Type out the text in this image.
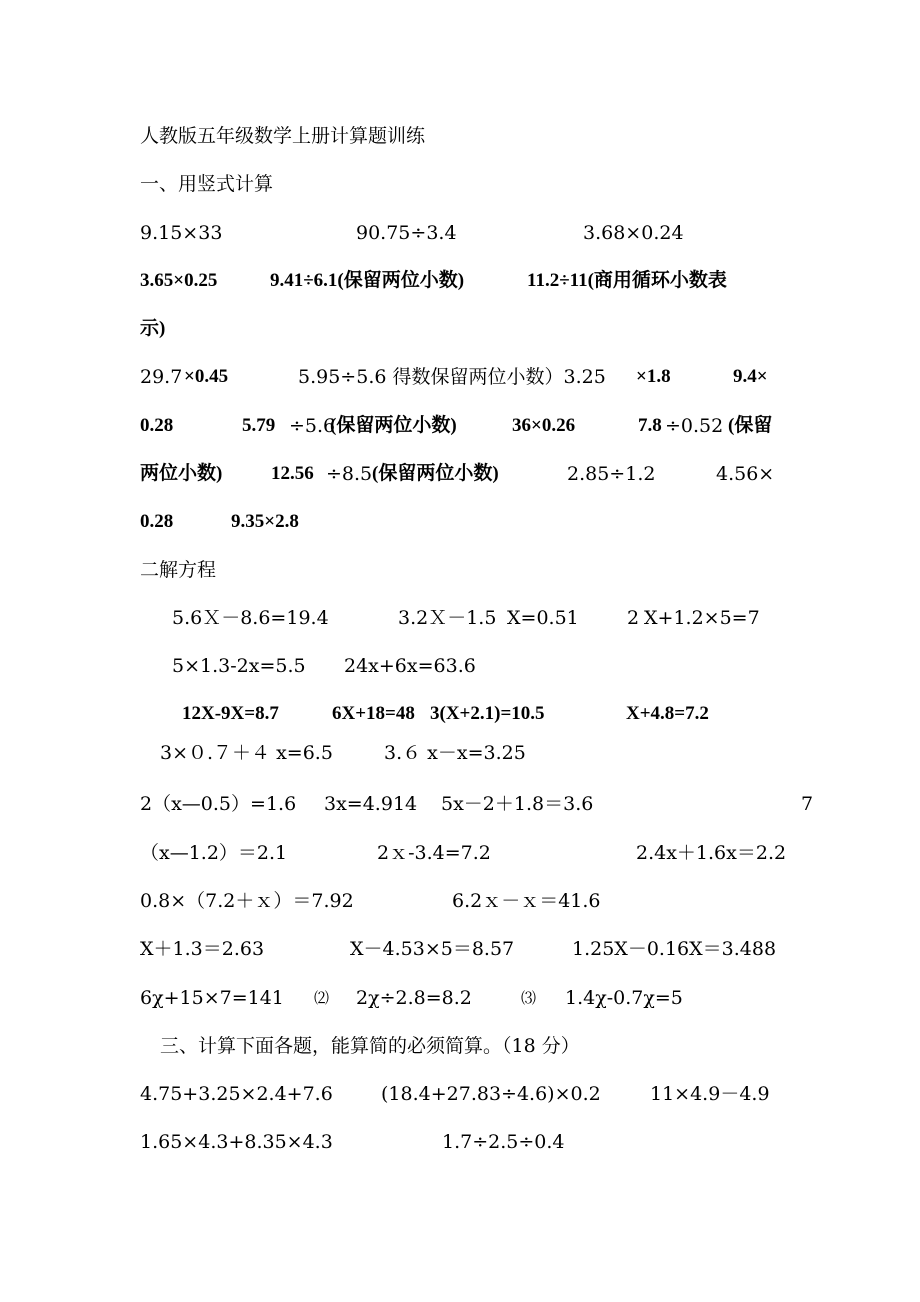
人教版五年级数学上册计算题训练
一、用竖式计算
9.15×33	90.75÷3.4	3.68×0.24
3.65×0.25	9.41÷6.1(保留两位小数)	11.2÷11(商用循环小数表
示)
29.7 ×0.45	5.95÷5.6 得数保留两位小数）3.25 ×1.8	9.4×
0.28	5.79 ÷5.6
(保留两位小数)	36×0.26	7.8 ÷0.52 (保留
两位小数)	12.56 ÷8.5 (保留两位小数)	2.85÷1.2	4.56×
0.28	9.35×2.8
二解方程
5.6Ｘ－8.6=19.4	3.2Ｘ－1.5 X=0.51	2 X+1.2×5=7
5×1.3-2x=5.5 24x+6x=63.6
12X-9X=8.7	6X+18=48 3(X+2.1)=10.5	X+4.8=7.2
3×０.７＋４ x=6.5	3.６ x－x=3.25
2（x—0.5）=1.6 3x=4.914 5x－2＋1.8＝3.6	7
（x—1.2）＝2.1	2ｘ-3.4=7.2	2.4x＋1.6x＝2.2
0.8×（7.2＋ｘ）＝7.92	6.2ｘ－ｘ＝41.6
X＋1.3＝2.63	X－4.53×5＝8.57	1.25X－0.16X＝3.488
6χ+15×7=141 ⑵ 2χ÷2.8=8.2	⑶ 1.4χ-0.7χ=5
三、计算下面各题，能算简的必须简算。（18 分）
4.75+3.25×2.4+7.6	(18.4+27.83÷4.6)×0.2	11×4.9－4.9
1.65×4.3+8.35×4.3	1.7÷2.5÷0.4
